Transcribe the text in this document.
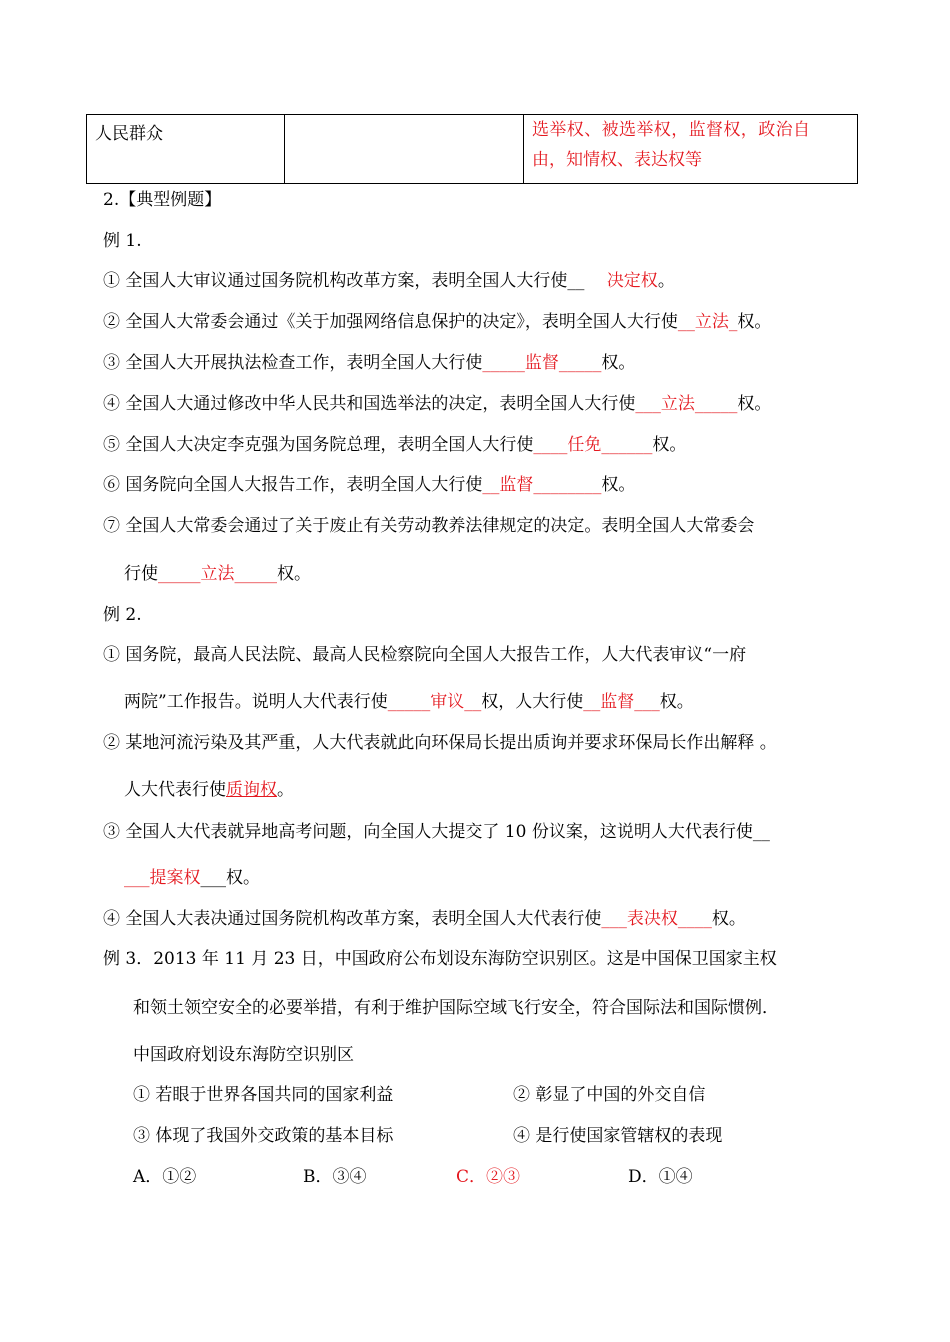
人民群众		选举权、被选举权，监督权，政治自
由，知情权、表达权等
2.【典型例题】
例 1.
① 全国人大审议通过国务院机构改革方案，表明全国人大行使__　 决定权。
② 全国人大常委会通过《关于加强网络信息保护的决定》，表明全国人大行使__立法_权。
③ 全国人大开展执法检查工作，表明全国人大行使_____监督_____权。
④ 全国人大通过修改中华人民共和国选举法的决定，表明全国人大行使___立法_____权。
⑤ 全国人大决定李克强为国务院总理，表明全国人大行使____任免______权。
⑥ 国务院向全国人大报告工作，表明全国人大行使__监督________权。
⑦ 全国人大常委会通过了关于废止有关劳动教养法律规定的决定。表明全国人大常委会
行使_____立法_____权。
例 2.
① 国务院，最高人民法院、最高人民检察院向全国人大报告工作，人大代表审议“一府
两院”工作报告。说明人大代表行使_____审议__权，人大行使__监督___权。
② 某地河流污染及其严重，人大代表就此向环保局长提出质询并要求环保局长作出解释 。
人大代表行使质询权。
③ 全国人大代表就异地高考问题，向全国人大提交了 10 份议案，这说明人大代表行使__
___提案权___权。
④ 全国人大表决通过国务院机构改革方案，表明全国人大代表行使___表决权____权。
例 3．2013 年 11 月 23 日，中国政府公布划设东海防空识别区。这是中国保卫国家主权
和领土领空安全的必要举措，有利于维护国际空域飞行安全，符合国际法和国际惯例．
中国政府划设东海防空识别区
① 若眼于世界各国共同的国家利益	② 彰显了中国的外交自信
③ 体现了我国外交政策的基本目标	④ 是行使国家管辖权的表现
A．①②	B．③④	C．②③	D．①④
